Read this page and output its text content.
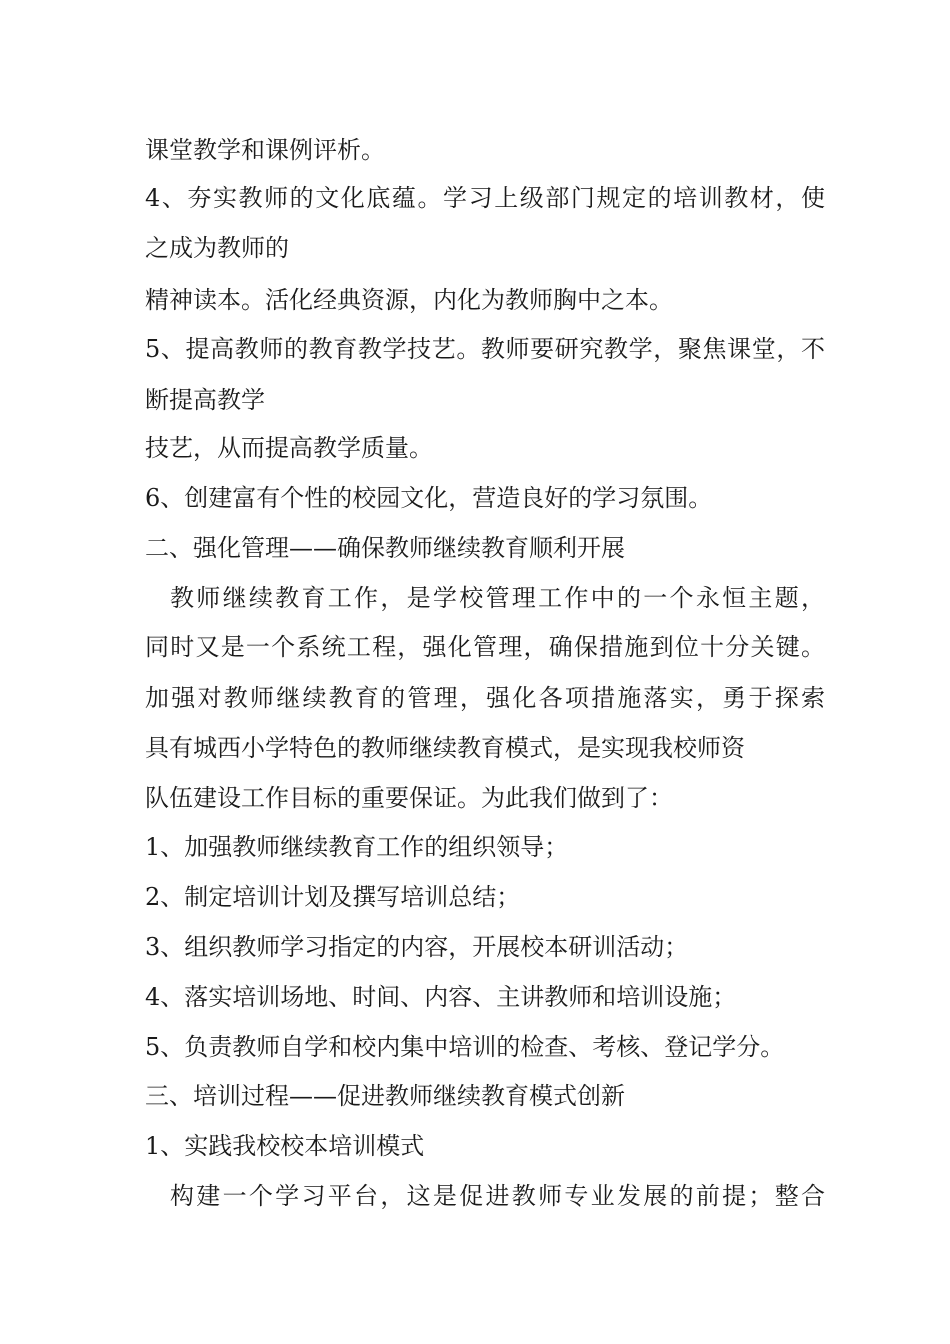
课堂教学和课例评析。
4、夯实教师的文化底蕴。学习上级部门规定的培训教材，使
之成为教师的
精神读本。活化经典资源，内化为教师胸中之本。
5、提高教师的教育教学技艺。教师要研究教学，聚焦课堂，不
断提高教学
技艺，从而提高教学质量。
6、创建富有个性的校园文化，营造良好的学习氛围。
二、强化管理——确保教师继续教育顺利开展
教师继续教育工作，是学校管理工作中的一个永恒主题，
同时又是一个系统工程，强化管理，确保措施到位十分关键。
加强对教师继续教育的管理，强化各项措施落实，勇于探索
具有城西小学特色的教师继续教育模式，是实现我校师资
队伍建设工作目标的重要保证。为此我们做到了：
1、加强教师继续教育工作的组织领导；
2、制定培训计划及撰写培训总结；
3、组织教师学习指定的内容，开展校本研训活动；
4、落实培训场地、时间、内容、主讲教师和培训设施；
5、负责教师自学和校内集中培训的检查、考核、登记学分。
三、培训过程——促进教师继续教育模式创新
1、实践我校校本培训模式
构建一个学习平台，这是促进教师专业发展的前提；整合
